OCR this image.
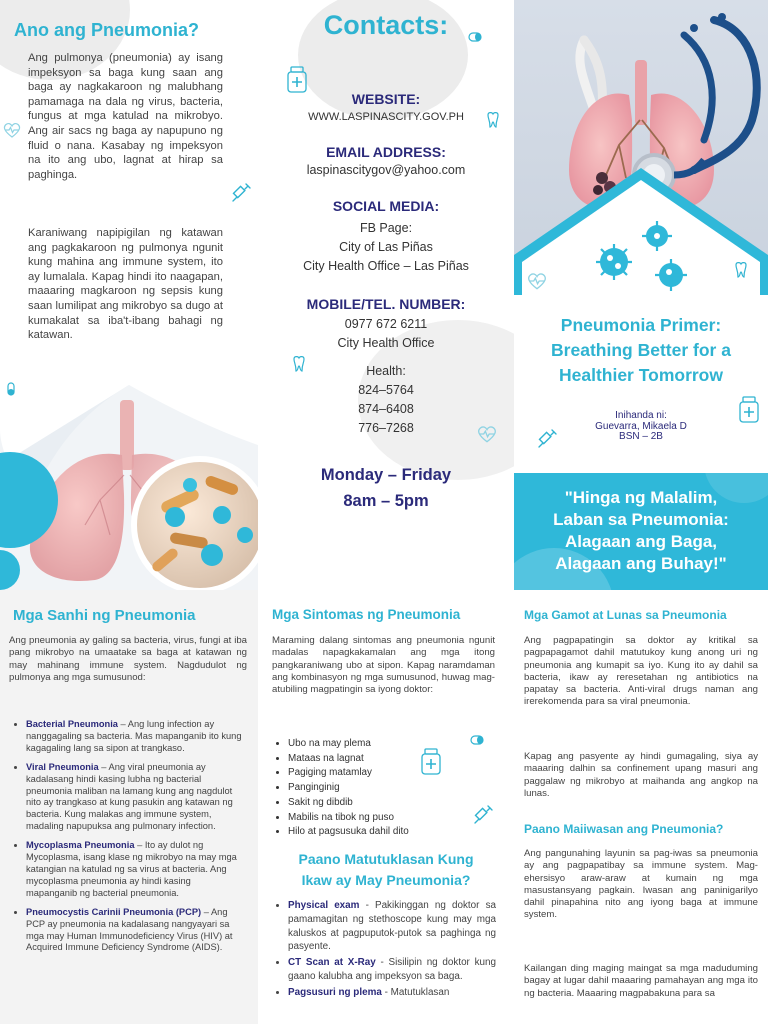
Ano ang Pneumonia?

Ang pulmonya (pneumonia) ay isang impeksyon sa baga kung saan ang baga ay nagkakaroon ng malubhang pamamaga na dala ng virus, bacteria, fungus at mga katulad na mikrobyo. Ang air sacs ng baga ay napupuno ng fluid o nana. Kasabay ng impeksyon na ito ang ubo, lagnat at hirap sa paghinga.

Karaniwang napipigilan ng katawan ang pagkakaroon ng pulmonya ngunit kung mahina ang immune system, ito ay lumalala. Kapag hindi ito naagapan, maaaring magkaroon ng sepsis kung saan lumilipat ang mikrobyo sa dugo at kumakalat sa iba't-ibang bahagi ng katawan.

Contacts:
WEBSITE:
WWW.LASPINASCITY.GOV.PH
EMAIL ADDRESS:
laspinascitygov@yahoo.com
SOCIAL MEDIA:
FB Page:
City of Las Piñas
City Health Office – Las Piñas
MOBILE/TEL. NUMBER:
0977 672 6211
City Health Office
Health:
824–5764
874–6408
776–7268
Monday – Friday
8am – 5pm
Pneumonia Primer:
Breathing Better for a
Healthier Tomorrow
Inihanda ni:
Guevarra, Mikaela D
BSN – 2B
"Hinga ng Malalim,
Laban sa Pneumonia:
Alagaan ang Baga,
Alagaan ang Buhay!"
Mga Sanhi ng Pneumonia

Ang pneumonia ay galing sa bacteria, virus, fungi at iba pang mikrobyo na umaatake sa baga at katawan ng may mahinang immune system. Nagdudulot ng pulmonya ang mga sumusunod:

• Bacterial Pneumonia – Ang lung infection ay nanggagaling sa bacteria. Mas mapanganib ito kung kagagaling lang sa sipon at trangkaso.
• Viral Pneumonia – Ang viral pneumonia ay kadalasang hindi kasing lubha ng bacterial pneumonia maliban na lamang kung ang nagdulot nito ay trangkaso at kung pasukin ang katawan ng bacteria. Kung malakas ang immune system, madaling napupuksa ang pulmonary infection.
• Mycoplasma Pneumonia – Ito ay dulot ng Mycoplasma, isang klase ng mikrobyo na may mga katangian na katulad ng sa virus at bacteria. Ang mycoplasma pneumonia ay hindi kasing mapanganib ng bacterial pneumonia.
• Pneumocystis Carinii Pneumonia (PCP) – Ang PCP ay pneumonia na kadalasang nangyayari sa mga may Human Immunodeficiency Virus (HIV) at Acquired Immune Deficiency Syndrome (AIDS).
Mga Sintomas ng Pneumonia

Maraming dalang sintomas ang pneumonia ngunit madalas napagkakamalan ang mga itong pangkaraniwang ubo at sipon. Kapag naramdaman ang kombinasyon ng mga sumusunod, huwag mag-atubiling magpatingin sa iyong doktor:

• Ubo na may plema
• Mataas na lagnat
• Pagiging matamlay
• Panginginig
• Sakit ng dibdib
• Mabilis na tibok ng puso
• Hilo at pagsusuka dahil dito
Paano Matutuklasan Kung
Ikaw ay May Pneumonia?
• Physical exam - Pakikinggan ng doktor sa pamamagitan ng stethoscope kung may mga kaluskos at pagpuputok-putok sa paghinga ng pasyente.
• CT Scan at X-Ray - Sisilipin ng doktor kung gaano kalubha ang impeksyon sa baga.
• Pagsusuri ng plema - Matutuklasan
Mga Gamot at Lunas sa Pneumonia

Ang pagpapatingin sa doktor ay kritikal sa pagpapagamot dahil matutukoy kung anong uri ng pneumonia ang kumapit sa iyo. Kung ito ay dahil sa bacteria, ikaw ay reresetahan ng antibiotics na papatay sa bacteria. Anti-viral drugs naman ang irerekomenda para sa viral pneumonia.

Kapag ang pasyente ay hindi gumagaling, siya ay maaaring dalhin sa confinement upang masuri ang paggalaw ng mikrobyo at maihanda ang angkop na lunas.

Paano Maiiwasan ang Pneumonia?

Ang pangunahing layunin sa pag-iwas sa pneumonia ay ang pagpapatibay sa immune system. Mag-ehersisyo araw-araw at kumain ng mga masustansyang pagkain. Iwasan ang paninigarilyo dahil pinapahina nito ang iyong baga at immune system.

Kailangan ding maging maingat sa mga maduduming bagay at lugar dahil maaaring pamahayan ang mga ito ng bacteria. Maaaring magpabakuna para sa
